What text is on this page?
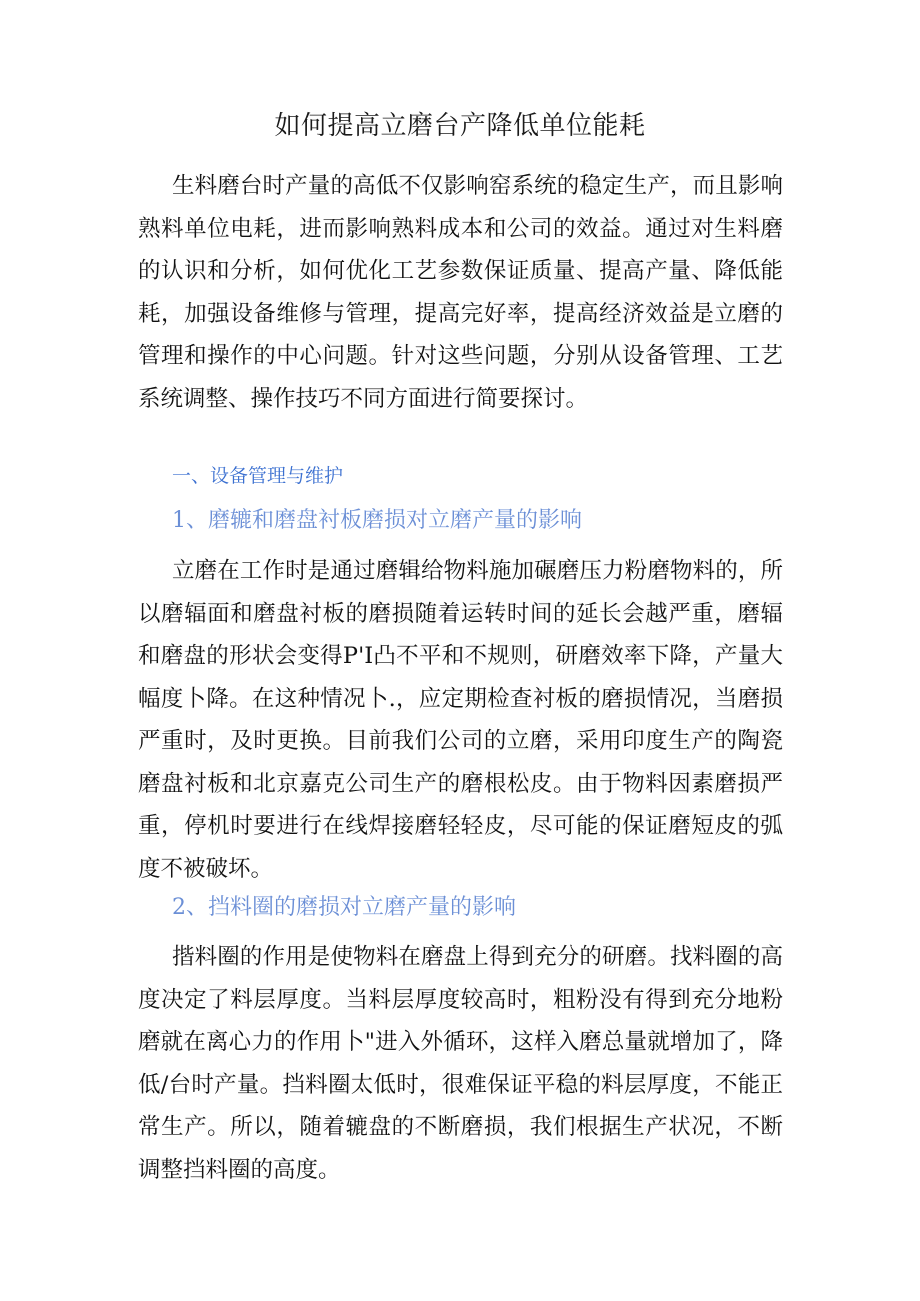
如何提高立磨台产降低单位能耗

生料磨台时产量的高低不仅影响窑系统的稳定生产，而且影响熟料单位电耗，进而影响熟料成本和公司的效益。通过对生料磨的认识和分析，如何优化工艺参数保证质量、提高产量、降低能耗，加强设备维修与管理，提高完好率，提高经济效益是立磨的管理和操作的中心问题。针对这些问题，分别从设备管理、工艺系统调整、操作技巧不同方面进行简要探讨。

一、设备管理与维护
1、磨辘和磨盘衬板磨损对立磨产量的影响

立磨在工作时是通过磨辑给物料施加碾磨压力粉磨物料的，所以磨辐面和磨盘衬板的磨损随着运转时间的延长会越严重，磨辐和磨盘的形状会变得P'I凸不平和不规则，研磨效率下降，产量大幅度卜降。在这种情况卜.，应定期检查衬板的磨损情况，当磨损严重时，及时更换。目前我们公司的立磨，采用印度生产的陶瓷磨盘衬板和北京嘉克公司生产的磨根松皮。由于物料因素磨损严重，停机时要进行在线焊接磨轻轻皮，尽可能的保证磨短皮的弧度不被破坏。

2、挡料圈的磨损对立磨产量的影响

揩料圈的作用是使物料在磨盘上得到充分的研磨。找料圈的高度决定了料层厚度。当料层厚度较高时，粗粉没有得到充分地粉磨就在离心力的作用卜"进入外循环，这样入磨总量就增加了，降低/台时产量。挡料圈太低时，很难保证平稳的料层厚度，不能正常生产。所以，随着辘盘的不断磨损，我们根据生产状况，不断调整挡料圈的高度。
